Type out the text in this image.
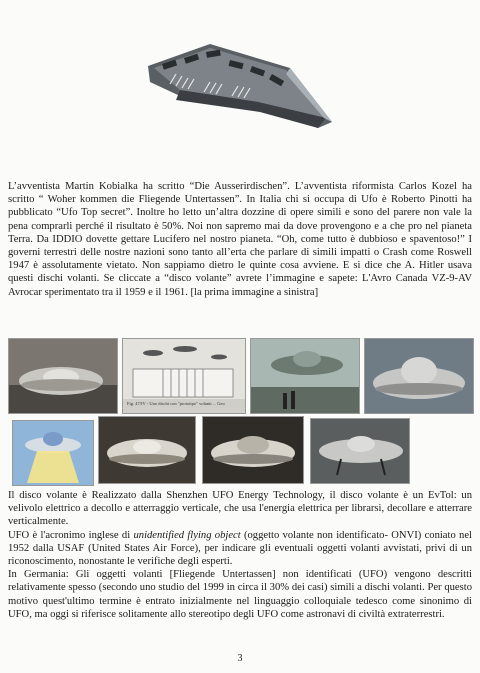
L’avventista Martin Kobialka ha scritto “Die Ausserirdischen”. L’avventista riformista Carlos Kozel ha scritto “ Woher kommen die Fliegende Untertassen”. In Italia chi si occupa di Ufo è Roberto Pinotti ha pubblicato “Ufo Top secret”. Inoltre ho letto un’altra dozzine di opere simili e sono del parere non vale la pena comprarli perché il risultato è 50%. Noi non sapremo mai da dove provengono e a che pro nel pianeta Terra. Da IDDIO dovette gettare Lucifero nel nostro pianeta. “Oh, come tutto è dubbioso e spaventoso!” I governi terrestri delle nostre nazioni sono tanto all’erta che parlare di simili impatti o Crash come Roswell 1947 è assolutamente vietato. Non sappiamo dietro le quinte cosa avviene. E si dice che A. Hitler usava questi dischi volanti. Se cliccate a “disco volante” avrete l’immagine e sapete: L'Avro Canada VZ-9-AV Avrocar sperimentato tra il 1959 e il 1961. [la prima immagine a sinistra]

Fig. 47/IV - Uno dischi con "prototipo" volanti ... Geo

Il disco volante è Realizzato dalla Shenzhen UFO Energy Technology, il disco volante è un EvTol: un velivolo elettrico a decollo e atterraggio verticale, che usa l'energia elettrica per librarsi, decollare e atterrare verticalmente.

UFO è l'acronimo inglese di unidentified flying object (oggetto volante non identificato- ONVI) coniato nel 1952 dalla USAF (United States Air Force), per indicare gli eventuali oggetti volanti avvistati, privi di un riconoscimento, nonostante le verifiche degli esperti.

In Germania: Gli oggetti volanti [Fliegende Untertassen] non identificati (UFO) vengono descritti relativamente spesso (secondo uno studio del 1999 in circa il 30% dei casi) simili a dischi volanti. Per questo motivo quest'ultimo termine è entrato inizialmente nel linguaggio colloquiale tedesco come sinonimo di UFO, ma oggi si riferisce solitamente allo stereotipo degli UFO come astronavi di civiltà extraterrestri.

3
